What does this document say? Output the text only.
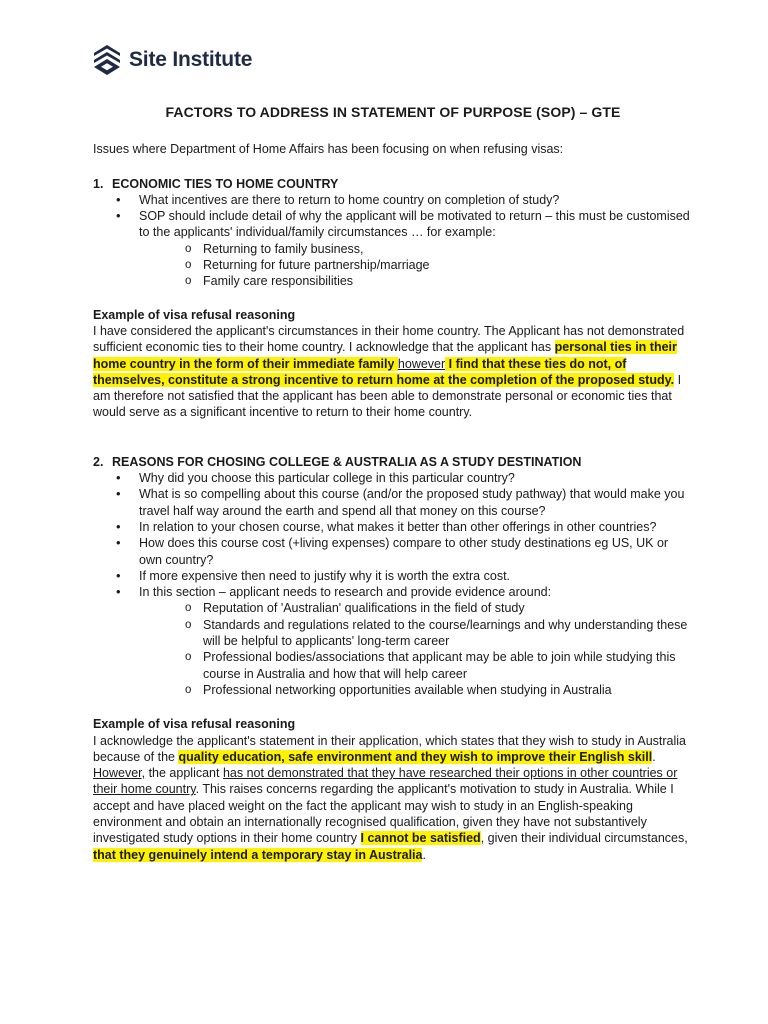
Site Institute
FACTORS TO ADDRESS IN STATEMENT OF PURPOSE (SOP) – GTE

Issues where Department of Home Affairs has been focusing on when refusing visas:

1. ECONOMIC TIES TO HOME COUNTRY
• What incentives are there to return to home country on completion of study?
• SOP should include detail of why the applicant will be motivated to return – this must be customised to the applicants' individual/family circumstances … for example:
o Returning to family business,
o Returning for future partnership/marriage
o Family care responsibilities
Example of visa refusal reasoning

I have considered the applicant's circumstances in their home country. The Applicant has not demonstrated sufficient economic ties to their home country. I acknowledge that the applicant has personal ties in their home country in the form of their immediate family however I find that these ties do not, of themselves, constitute a strong incentive to return home at the completion of the proposed study. I am therefore not satisfied that the applicant has been able to demonstrate personal or economic ties that would serve as a significant incentive to return to their home country.

2. REASONS FOR CHOSING COLLEGE & AUSTRALIA AS A STUDY DESTINATION
• Why did you choose this particular college in this particular country?
• What is so compelling about this course (and/or the proposed study pathway) that would make you travel half way around the earth and spend all that money on this course?
• In relation to your chosen course, what makes it better than other offerings in other countries?
• How does this course cost (+living expenses) compare to other study destinations eg US, UK or own country?
• If more expensive then need to justify why it is worth the extra cost.
• In this section – applicant needs to research and provide evidence around:
o Reputation of 'Australian' qualifications in the field of study
o Standards and regulations related to the course/learnings and why understanding these will be helpful to applicants' long-term career
o Professional bodies/associations that applicant may be able to join while studying this course in Australia and how that will help career
o Professional networking opportunities available when studying in Australia
Example of visa refusal reasoning

I acknowledge the applicant's statement in their application, which states that they wish to study in Australia because of the quality education, safe environment and they wish to improve their English skill. However, the applicant has not demonstrated that they have researched their options in other countries or their home country. This raises concerns regarding the applicant's motivation to study in Australia. While I accept and have placed weight on the fact the applicant may wish to study in an English-speaking environment and obtain an internationally recognised qualification, given they have not substantively investigated study options in their home country I cannot be satisfied, given their individual circumstances, that they genuinely intend a temporary stay in Australia.
